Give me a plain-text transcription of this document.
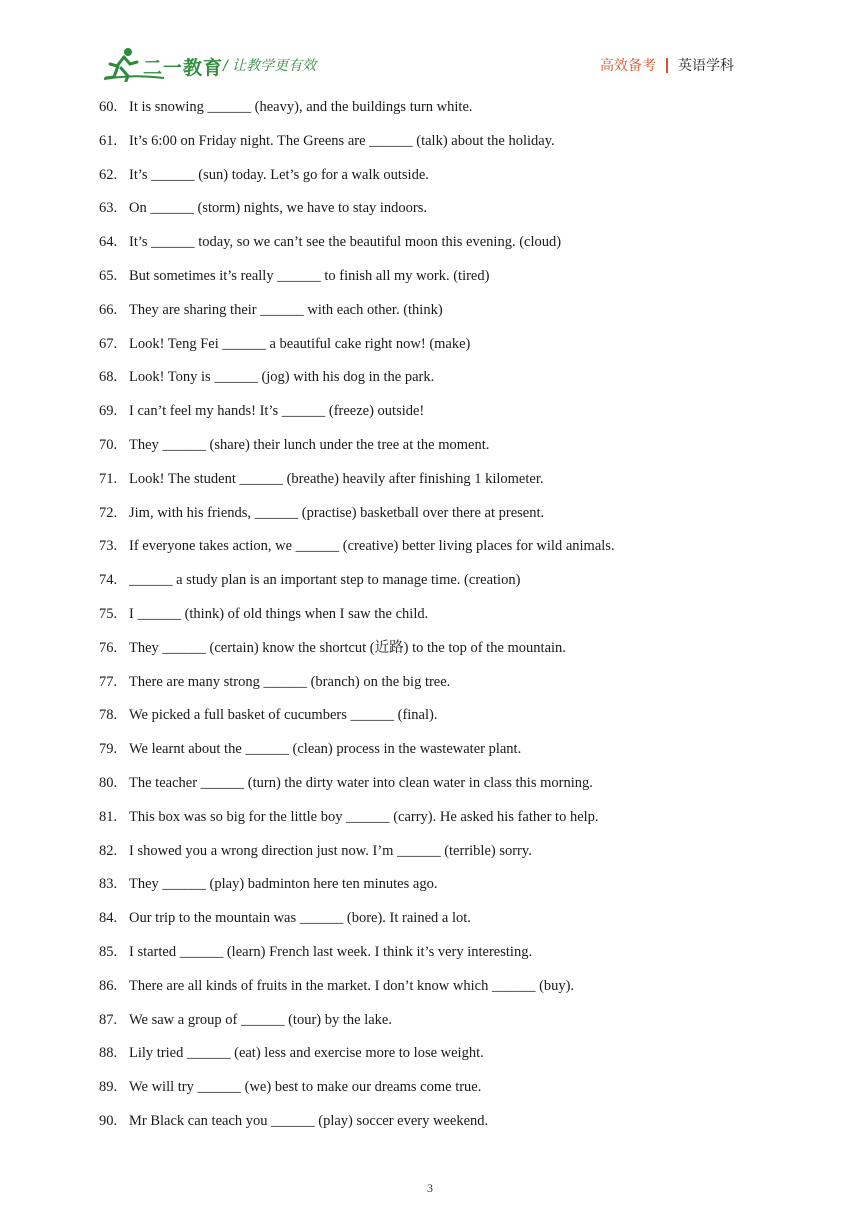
二一教育 / 让教学更有效	高效备考 英语学科
60. It is snowing ______ (heavy), and the buildings turn white.
61. It’s 6:00 on Friday night. The Greens are ______ (talk) about the holiday.
62. It’s ______ (sun) today. Let’s go for a walk outside.
63. On ______ (storm) nights, we have to stay indoors.
64. It’s ______ today, so we can’t see the beautiful moon this evening. (cloud)
65. But sometimes it’s really ______ to finish all my work. (tired)
66. They are sharing their ______ with each other. (think)
67. Look! Teng Fei ______ a beautiful cake right now! (make)
68. Look! Tony is ______ (jog) with his dog in the park.
69. I can’t feel my hands! It’s ______ (freeze) outside!
70. They ______ (share) their lunch under the tree at the moment.
71. Look! The student ______ (breathe) heavily after finishing 1 kilometer.
72. Jim, with his friends, ______ (practise) basketball over there at present.
73. If everyone takes action, we ______ (creative) better living places for wild animals.
74. ______ a study plan is an important step to manage time. (creation)
75. I ______ (think) of old things when I saw the child.
76. They ______ (certain) know the shortcut (近路) to the top of the mountain.
77. There are many strong ______ (branch) on the big tree.
78. We picked a full basket of cucumbers ______ (final).
79. We learnt about the ______ (clean) process in the wastewater plant.
80. The teacher ______ (turn) the dirty water into clean water in class this morning.
81. This box was so big for the little boy ______ (carry). He asked his father to help.
82. I showed you a wrong direction just now. I’m ______ (terrible) sorry.
83. They ______ (play) badminton here ten minutes ago.
84. Our trip to the mountain was ______ (bore). It rained a lot.
85. I started ______ (learn) French last week. I think it’s very interesting.
86. There are all kinds of fruits in the market. I don’t know which ______ (buy).
87. We saw a group of ______ (tour) by the lake.
88. Lily tried ______ (eat) less and exercise more to lose weight.
89. We will try ______ (we) best to make our dreams come true.
90. Mr Black can teach you ______ (play) soccer every weekend.
3
